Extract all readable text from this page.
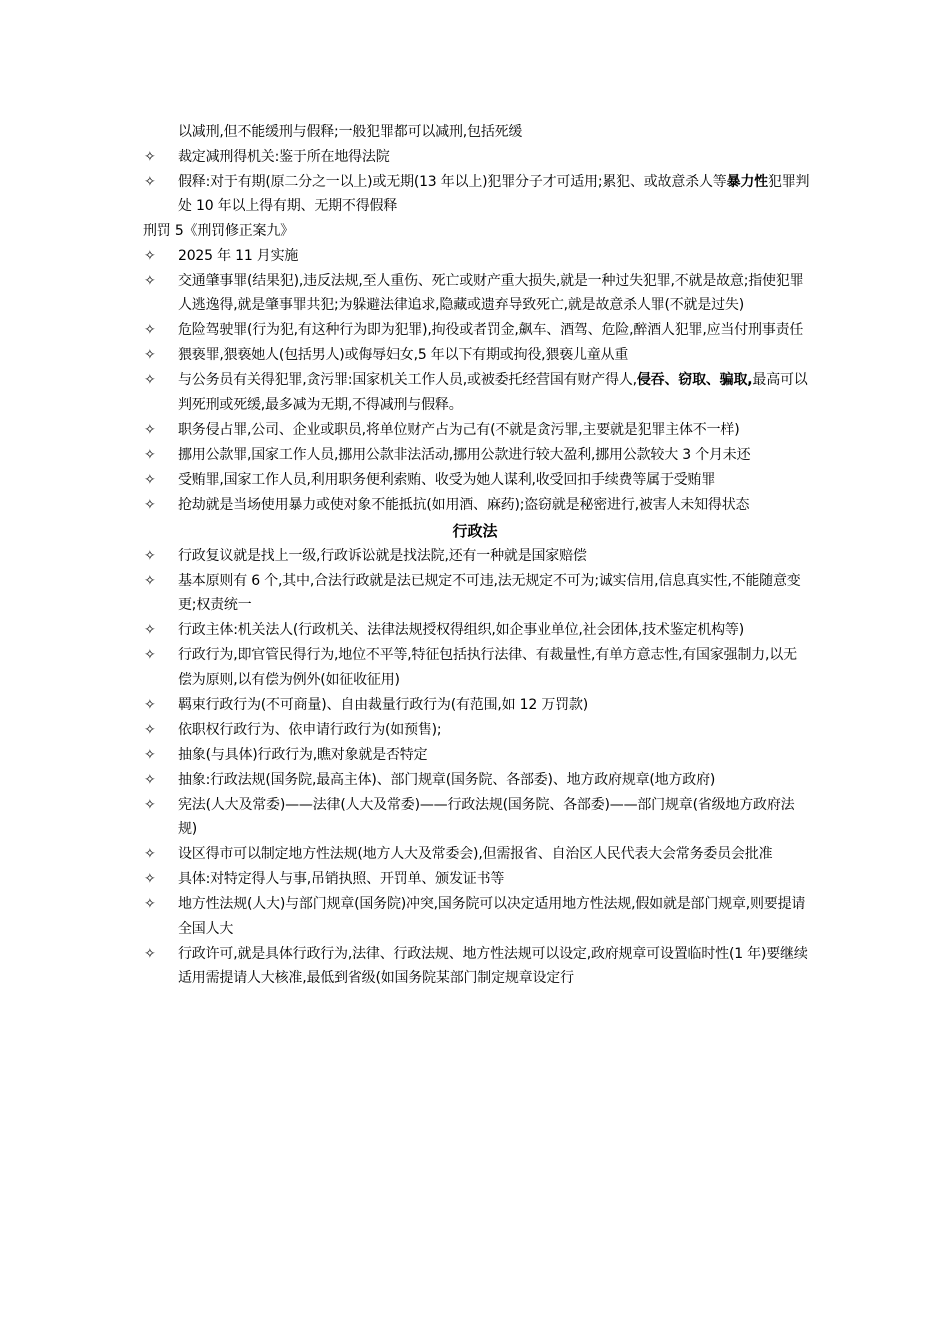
以减刑,但不能缓刑与假释;一般犯罪都可以减刑,包括死缓
✧ 裁定减刑得机关:鉴于所在地得法院
✧ 假释:对于有期(原二分之一以上)或无期(13 年以上)犯罪分子才可适用;累犯、或故意杀人等暴力性犯罪判处 10 年以上得有期、无期不得假释
刑罚 5《刑罚修正案九》
✧ 2025 年 11 月实施
✧ 交通肇事罪(结果犯),违反法规,至人重伤、死亡或财产重大损失,就是一种过失犯罪,不就是故意;指使犯罪人逃逸得,就是肇事罪共犯;为躲避法律追求,隐藏或遗弃导致死亡,就是故意杀人罪(不就是过失)
✧ 危险驾驶罪(行为犯,有这种行为即为犯罪),拘役或者罚金,飙车、酒驾、危险,醉酒人犯罪,应当付刑事责任
✧ 猥亵罪,猥亵她人(包括男人)或侮辱妇女,5 年以下有期或拘役,猥亵儿童从重
✧ 与公务员有关得犯罪,贪污罪:国家机关工作人员,或被委托经营国有财产得人,侵吞、窃取、骗取,最高可以判死刑或死缓,最多减为无期,不得减刑与假释。
✧ 职务侵占罪,公司、企业或职员,将单位财产占为己有(不就是贪污罪,主要就是犯罪主体不一样)
✧ 挪用公款罪,国家工作人员,挪用公款非法活动,挪用公款进行较大盈利,挪用公款较大 3 个月未还
✧ 受贿罪,国家工作人员,利用职务便利索贿、收受为她人谋利,收受回扣手续费等属于受贿罪
✧ 抢劫就是当场使用暴力或使对象不能抵抗(如用酒、麻药);盗窃就是秘密进行,被害人未知得状态
行政法
✧ 行政复议就是找上一级,行政诉讼就是找法院,还有一种就是国家赔偿
✧ 基本原则有 6 个,其中,合法行政就是法已规定不可违,法无规定不可为;诚实信用,信息真实性,不能随意变更;权责统一
✧ 行政主体:机关法人(行政机关、法律法规授权得组织,如企事业单位,社会团体,技术鉴定机构等)
✧ 行政行为,即官管民得行为,地位不平等,特征包括执行法律、有裁量性,有单方意志性,有国家强制力,以无偿为原则,以有偿为例外(如征收征用)
✧ 羁束行政行为(不可商量)、自由裁量行政行为(有范围,如 12 万罚款)
✧ 依职权行政行为、依申请行政行为(如预售);
✧ 抽象(与具体)行政行为,瞧对象就是否特定
✧ 抽象:行政法规(国务院,最高主体)、部门规章(国务院、各部委)、地方政府规章(地方政府)
✧ 宪法(人大及常委)——法律(人大及常委)——行政法规(国务院、各部委)——部门规章(省级地方政府法规)
✧ 设区得市可以制定地方性法规(地方人大及常委会),但需报省、自治区人民代表大会常务委员会批准
✧ 具体:对特定得人与事,吊销执照、开罚单、颁发证书等
✧ 地方性法规(人大)与部门规章(国务院)冲突,国务院可以决定适用地方性法规,假如就是部门规章,则要提请全国人大
✧ 行政许可,就是具体行政行为,法律、行政法规、地方性法规可以设定,政府规章可设置临时性(1 年)要继续适用需提请人大核准,最低到省级(如国务院某部门制定规章设定行
